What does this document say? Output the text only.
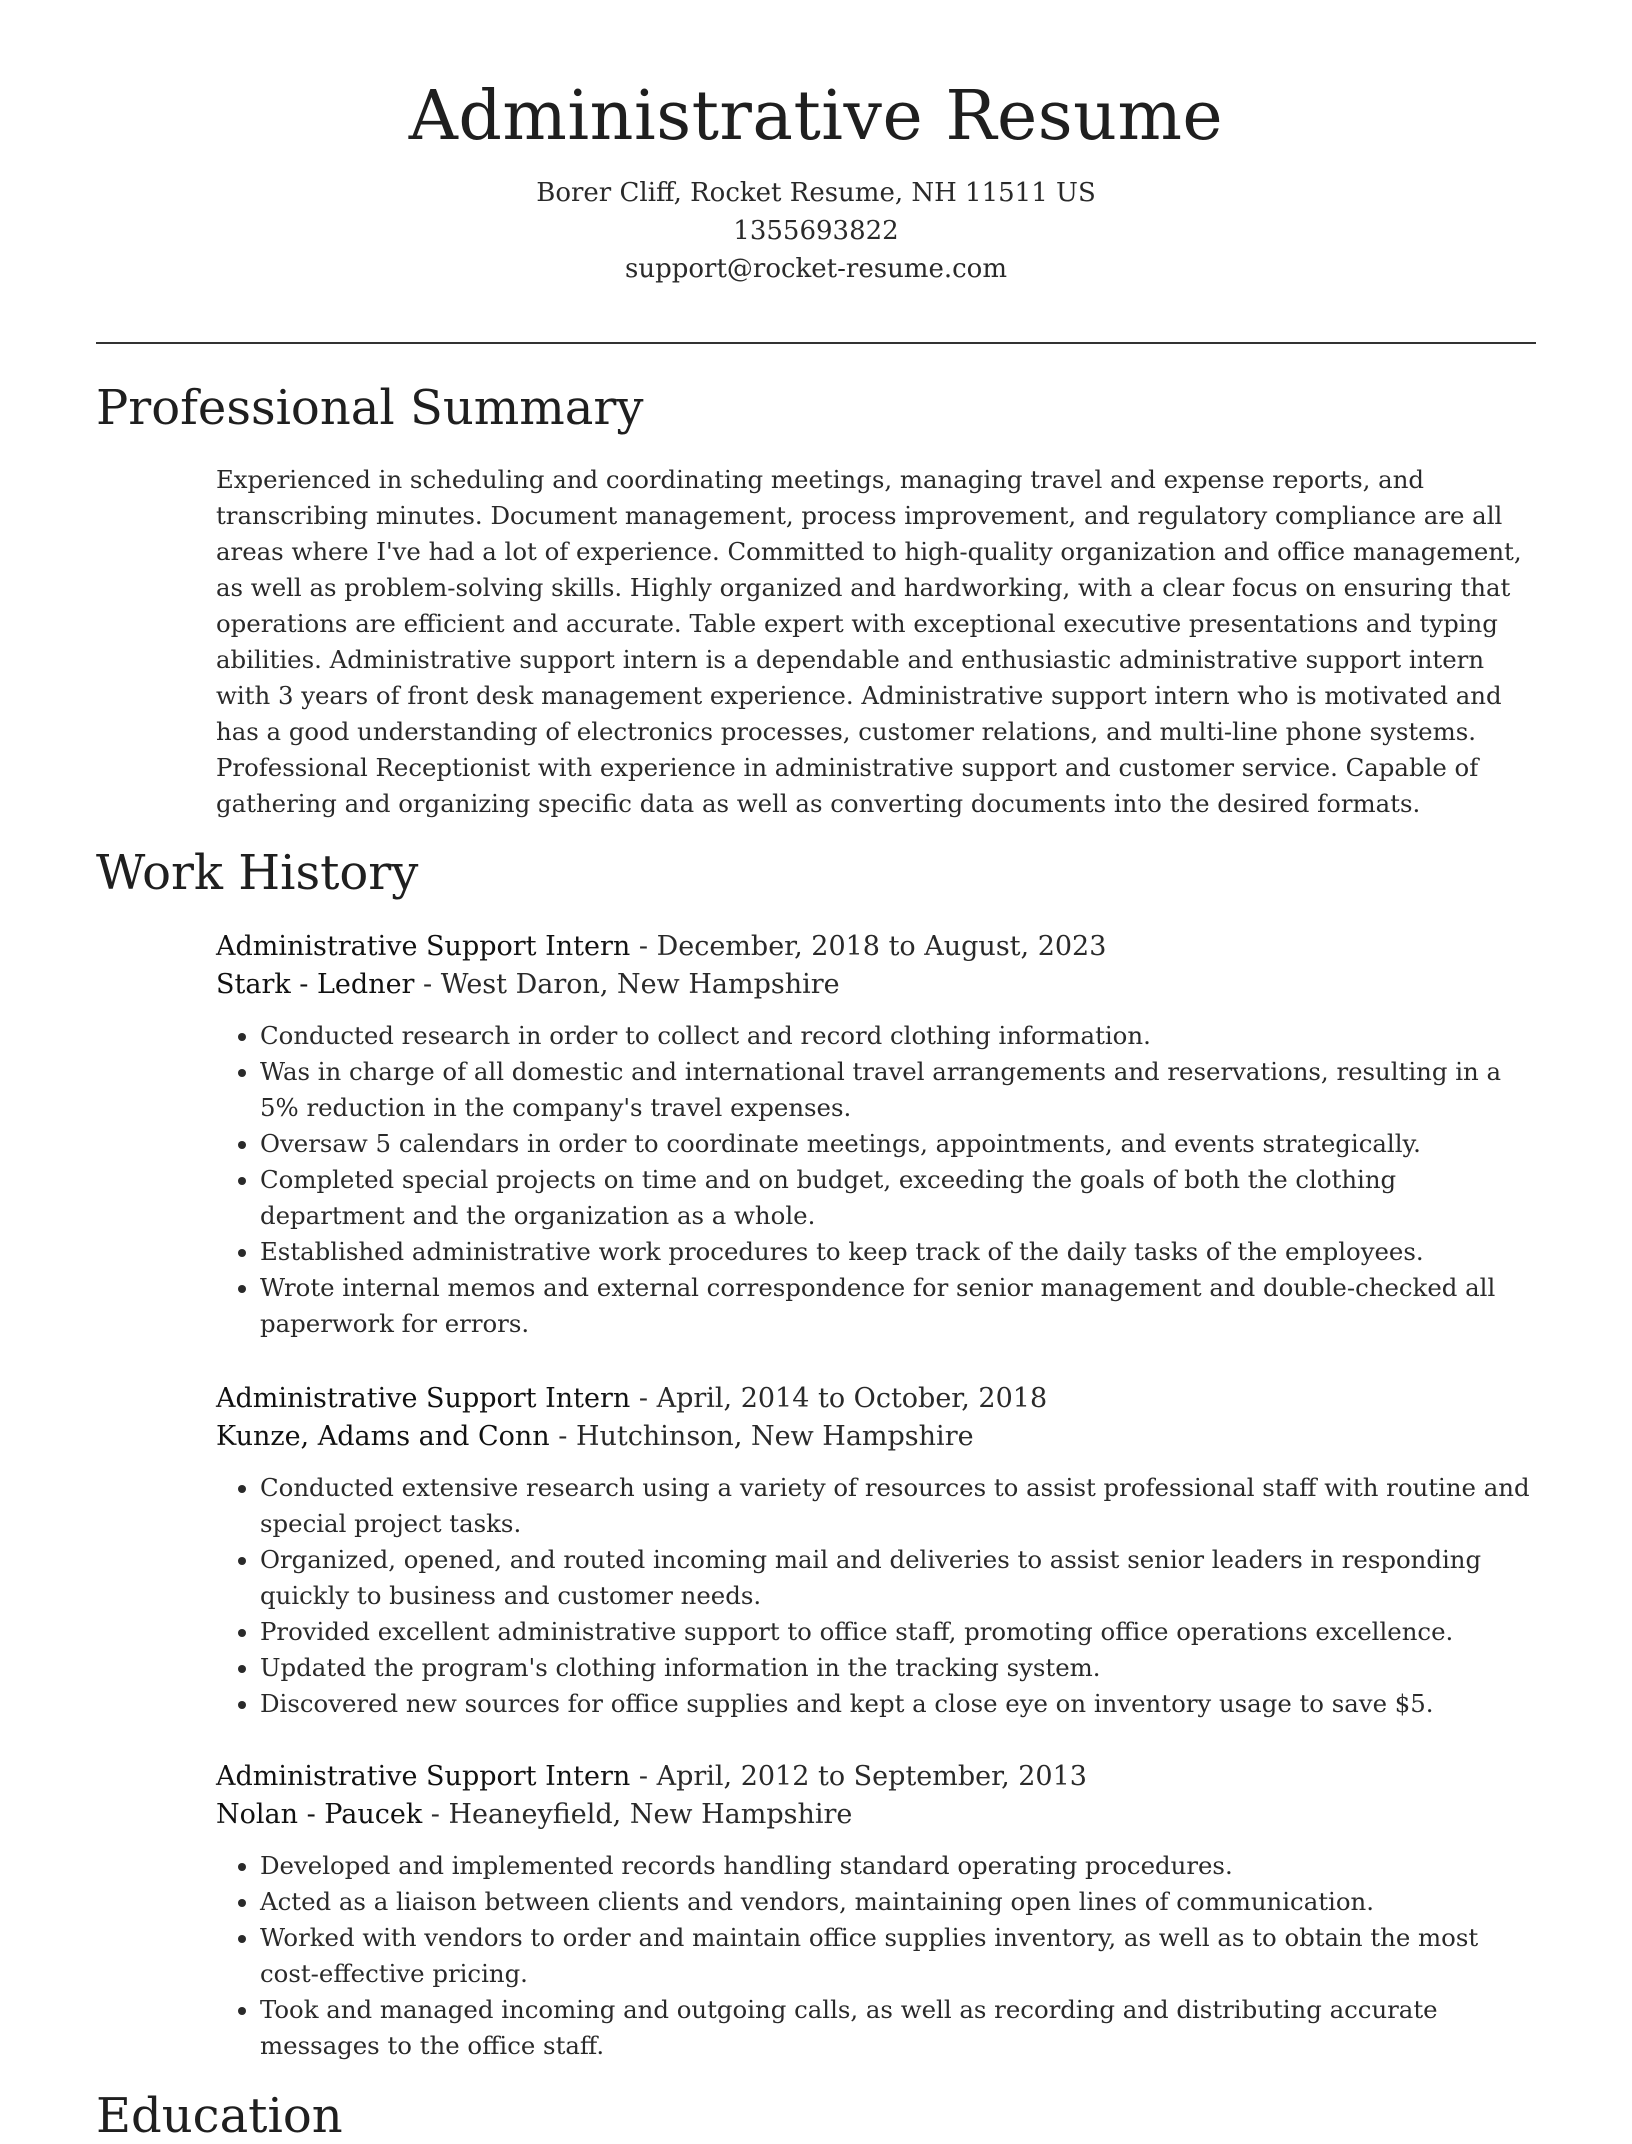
Administrative Resume
Borer Cliff, Rocket Resume, NH 11511 US
1355693822
support@rocket-resume.com
Professional Summary

Experienced in scheduling and coordinating meetings, managing travel and expense reports, and transcribing minutes. Document management, process improvement, and regulatory compliance are all areas where I've had a lot of experience. Committed to high-quality organization and office management, as well as problem-solving skills. Highly organized and hardworking, with a clear focus on ensuring that operations are efficient and accurate. Table expert with exceptional executive presentations and typing abilities. Administrative support intern is a dependable and enthusiastic administrative support intern with 3 years of front desk management experience. Administrative support intern who is motivated and has a good understanding of electronics processes, customer relations, and multi-line phone systems. Professional Receptionist with experience in administrative support and customer service. Capable of gathering and organizing specific data as well as converting documents into the desired formats.

Work History
Administrative Support Intern - December, 2018 to August, 2023
Stark - Ledner - West Daron, New Hampshire
• Conducted research in order to collect and record clothing information.
• Was in charge of all domestic and international travel arrangements and reservations, resulting in a 5% reduction in the company's travel expenses.
• Oversaw 5 calendars in order to coordinate meetings, appointments, and events strategically.
• Completed special projects on time and on budget, exceeding the goals of both the clothing department and the organization as a whole.
• Established administrative work procedures to keep track of the daily tasks of the employees.
• Wrote internal memos and external correspondence for senior management and double-checked all paperwork for errors.
Administrative Support Intern - April, 2014 to October, 2018
Kunze, Adams and Conn - Hutchinson, New Hampshire
• Conducted extensive research using a variety of resources to assist professional staff with routine and special project tasks.
• Organized, opened, and routed incoming mail and deliveries to assist senior leaders in responding quickly to business and customer needs.
• Provided excellent administrative support to office staff, promoting office operations excellence.
• Updated the program's clothing information in the tracking system.
• Discovered new sources for office supplies and kept a close eye on inventory usage to save $5.
Administrative Support Intern - April, 2012 to September, 2013
Nolan - Paucek - Heaneyfield, New Hampshire
• Developed and implemented records handling standard operating procedures.
• Acted as a liaison between clients and vendors, maintaining open lines of communication.
• Worked with vendors to order and maintain office supplies inventory, as well as to obtain the most cost-effective pricing.
• Took and managed incoming and outgoing calls, as well as recording and distributing accurate messages to the office staff.
Education
